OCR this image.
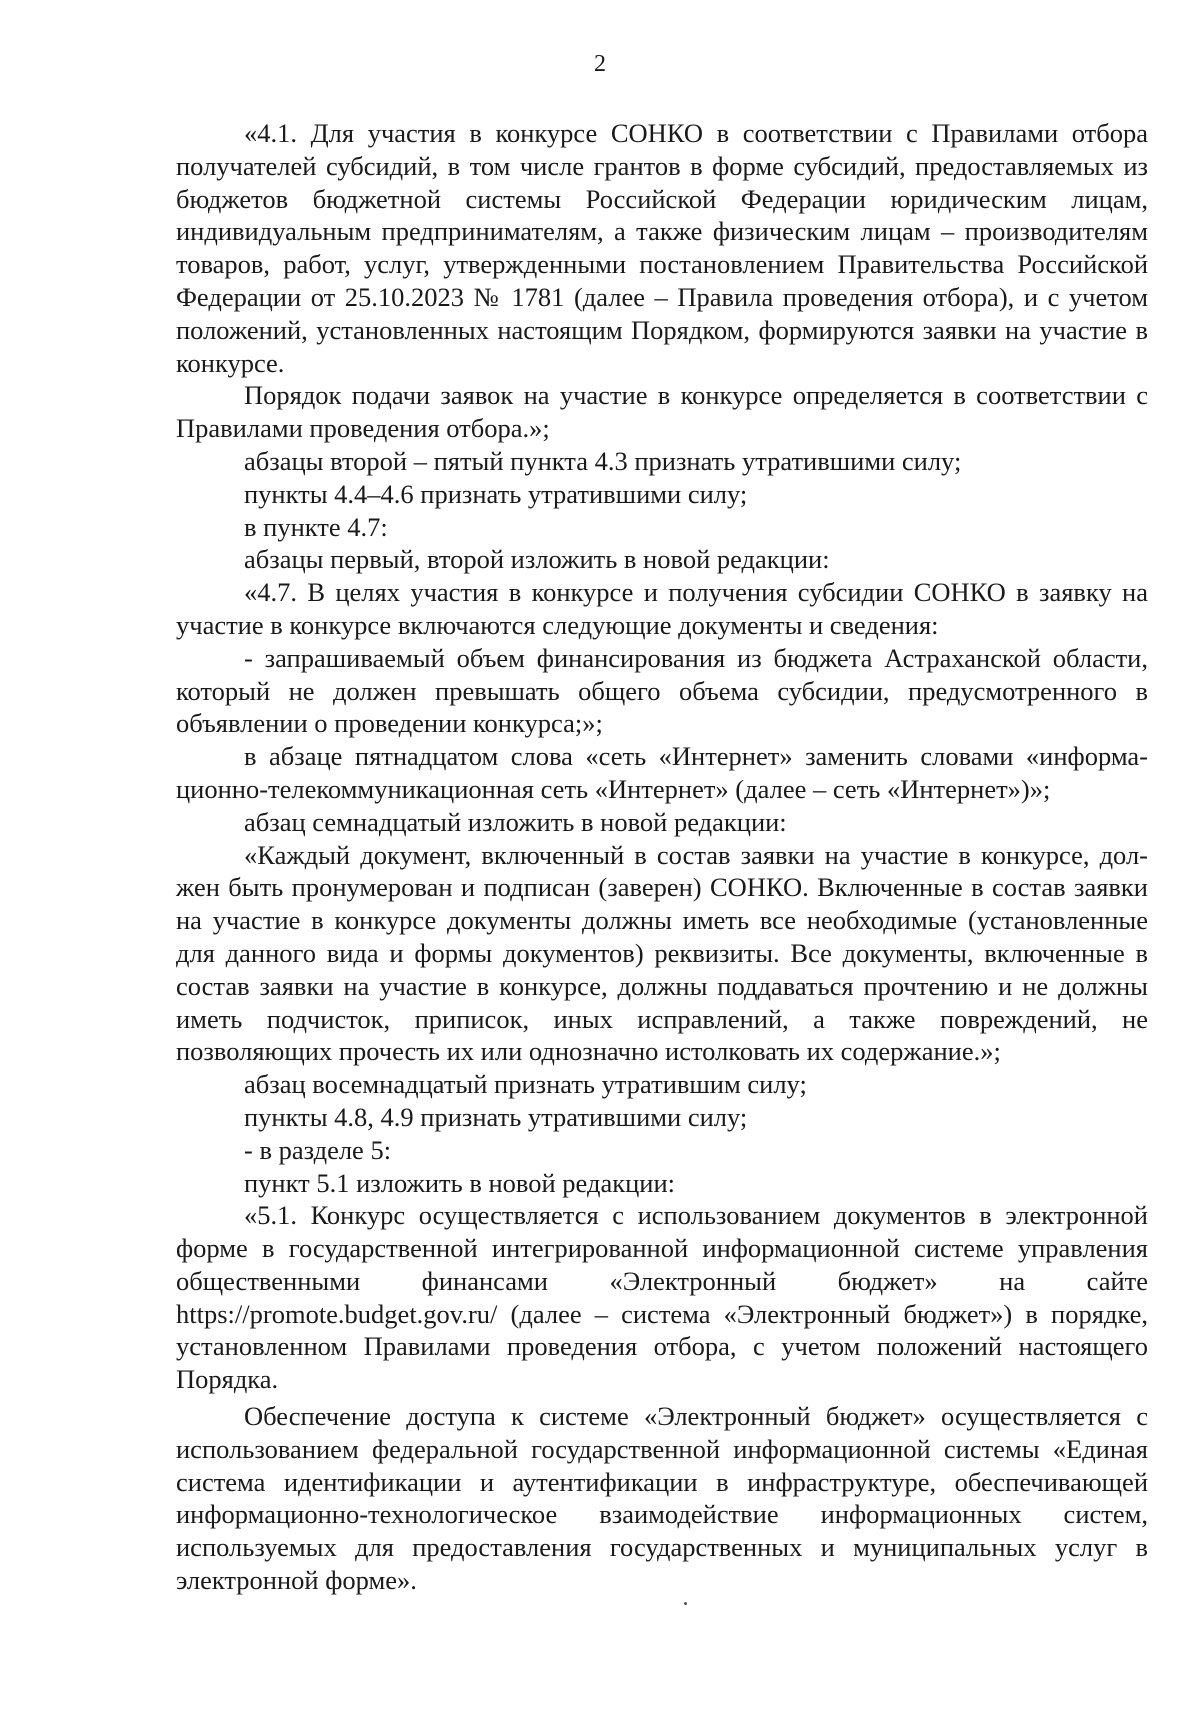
2

«4.1. Для участия в конкурсе СОНКО в соответствии с Правилами отбора получателей субсидий, в том числе грантов в форме субсидий, предоставляемых из бюджетов бюджетной системы Российской Федерации юридическим лицам, индивидуальным предпринимателям, а также физическим лицам – производителям товаров, работ, услуг, утвержденными постановлением Правительства Российской Федерации от 25.10.2023 № 1781 (далее – Правила проведения отбора), и с учетом положений, установленных настоящим Порядком, формируются заявки на участие в конкурсе.

Порядок подачи заявок на участие в конкурсе определяется в соответствии с Правилами проведения отбора.»;

абзацы второй – пятый пункта 4.3 признать утратившими силу;

пункты 4.4–4.6 признать утратившими силу;

в пункте 4.7:

абзацы первый, второй изложить в новой редакции:

«4.7. В целях участия в конкурсе и получения субсидии СОНКО в заявку на участие в конкурсе включаются следующие документы и сведения:

- запрашиваемый объем финансирования из бюджета Астраханской области, который не должен превышать общего объема субсидии, предусмотренного в объявлении о проведении конкурса;»;

в абзаце пятнадцатом слова «сеть «Интернет» заменить словами «информационно-телекоммуникационная сеть «Интернет» (далее – сеть «Интернет»)»;

абзац семнадцатый изложить в новой редакции:

«Каждый документ, включенный в состав заявки на участие в конкурсе, должен быть пронумерован и подписан (заверен) СОНКО. Включенные в состав заявки на участие в конкурсе документы должны иметь все необходимые (установленные для данного вида и формы документов) реквизиты. Все документы, включенные в состав заявки на участие в конкурсе, должны поддаваться прочтению и не должны иметь подчисток, приписок, иных исправлений, а также повреждений, не позволяющих прочесть их или однозначно истолковать их содержание.»;

абзац восемнадцатый признать утратившим силу;

пункты 4.8, 4.9 признать утратившими силу;

- в разделе 5:

пункт 5.1 изложить в новой редакции:

«5.1. Конкурс осуществляется с использованием документов в электронной форме в государственной интегрированной информационной системе управления общественными финансами «Электронный бюджет» на сайте https://promote.budget.gov.ru/ (далее – система «Электронный бюджет») в порядке, установленном Правилами проведения отбора, с учетом положений настоящего Порядка.

Обеспечение доступа к системе «Электронный бюджет» осуществляется с использованием федеральной государственной информационной системы «Единая система идентификации и аутентификации в инфраструктуре, обеспечивающей информационно-технологическое взаимодействие информационных систем, используемых для предоставления государственных и муниципальных услуг в электронной форме».
